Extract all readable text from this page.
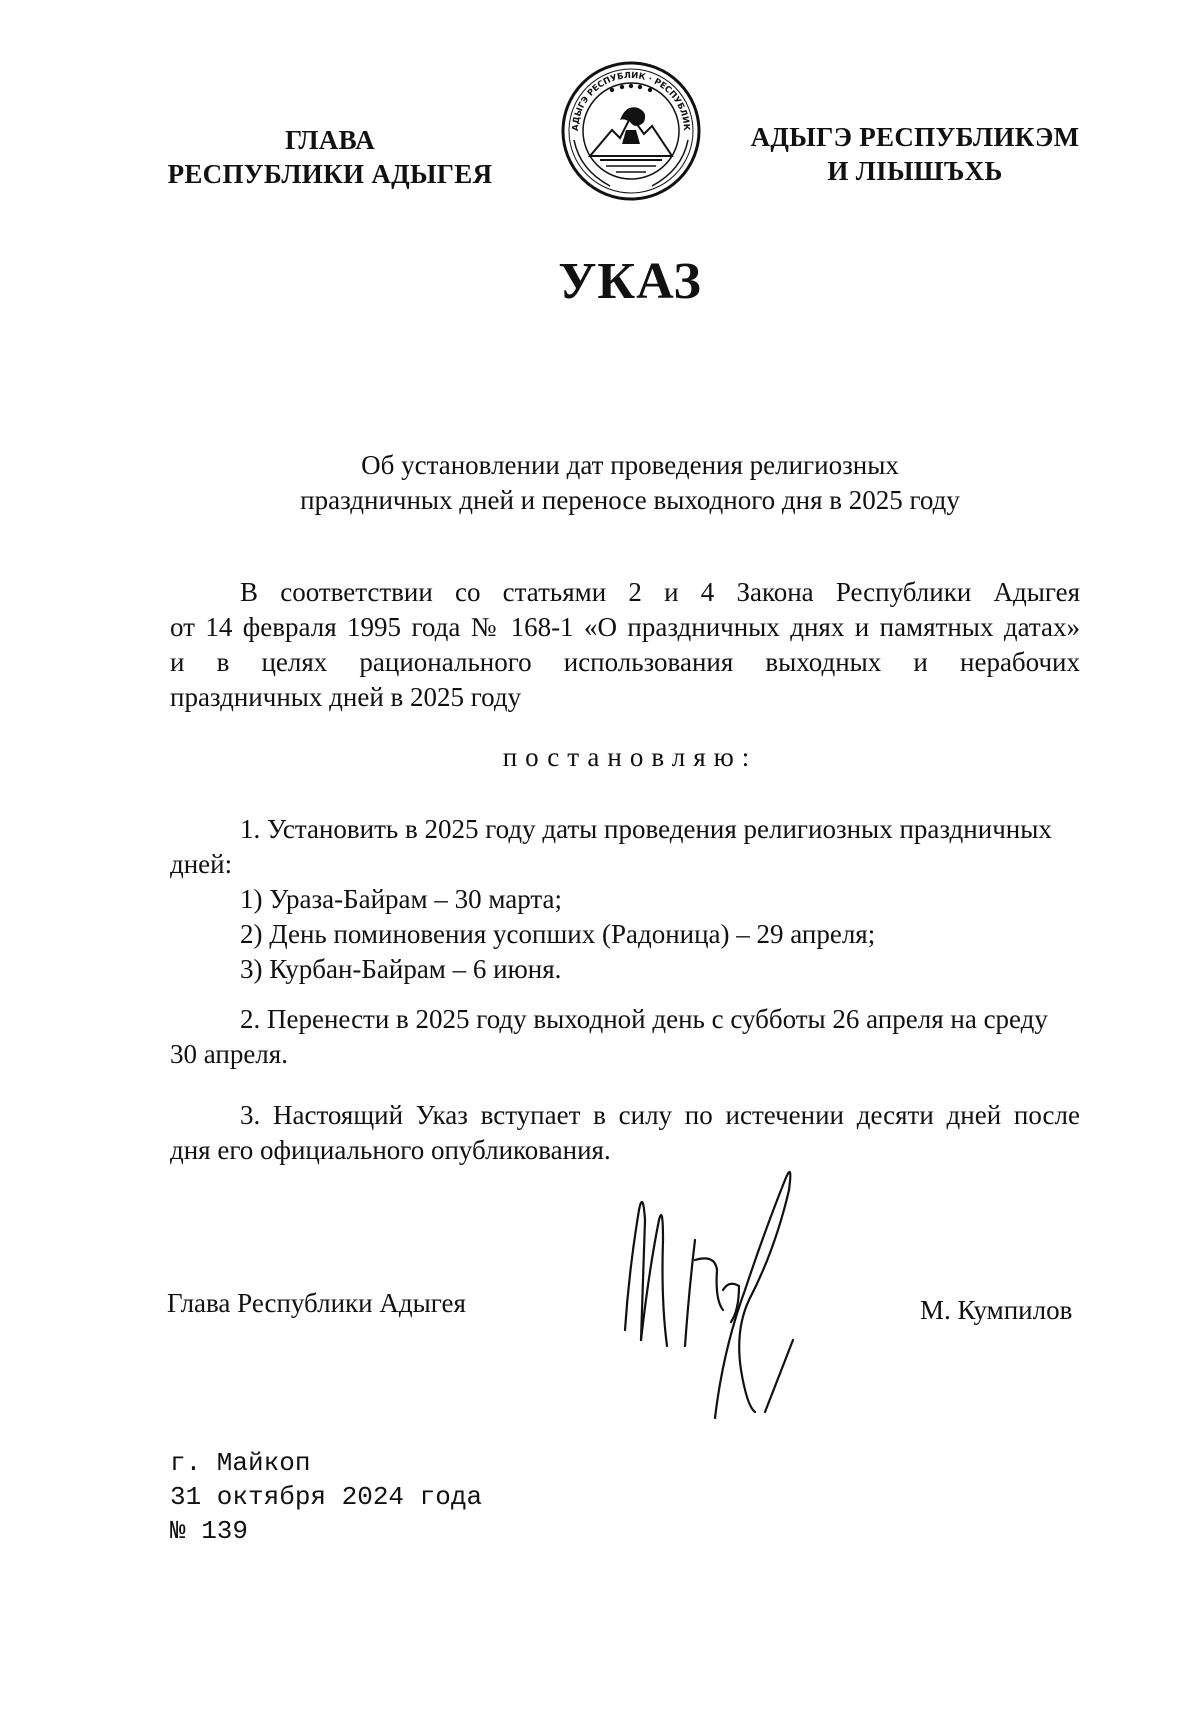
ГЛАВА
РЕСПУБЛИКИ АДЫГЕЯ
АДЫГЭ РЕСПУБЛИК · РЕСПУБЛИК	АДЫГЭ РЕСПУБЛИКЭМ
И ЛІЫШЪХЬ
УКАЗ
Об установлении дат проведения религиозных
праздничных дней и переносе выходного дня в 2025 году
В соответствии со статьями 2 и 4 Закона Республики Адыгея
от 14 февраля 1995 года № 168-1 «О праздничных днях и памятных датах»
и в целях рационального использования выходных и нерабочих
праздничных дней в 2025 году
постановляю:
1. Установить в 2025 году даты проведения религиозных праздничных
дней:
1) Ураза-Байрам – 30 марта;
2) День поминовения усопших (Радоница) – 29 апреля;
3) Курбан-Байрам – 6 июня.
2. Перенести в 2025 году выходной день с субботы 26 апреля на среду
30 апреля.
3. Настоящий Указ вступает в силу по истечении десяти дней после
дня его официального опубликования.
Глава Республики Адыгея	М. Кумпилов
г. Майкоп
31 октября 2024 года
№ 139
